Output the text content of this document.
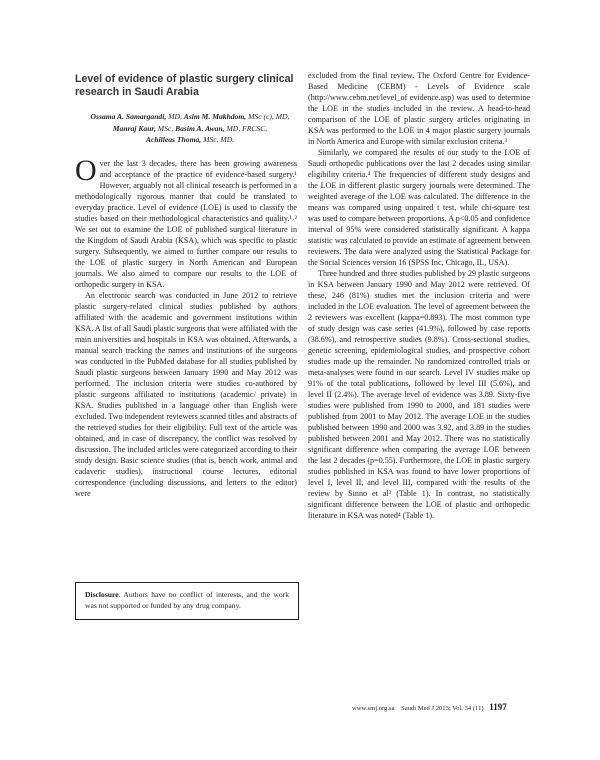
Level of evidence of plastic surgery clinical research in Saudi Arabia
Ossama A. Samargandi, MD, Asim M. Makhdom, MSc (c), MD,
Manraj Kaur, MSc, Basim A. Awan, MD, FRCSC,
Achilleas Thoma, MSc, MD.

Over the last 3 decades, there has been growing awareness and acceptance of the practice of evidence-based surgery.¹ However, arguably not all clinical research is performed in a methodologically rigorous manner that could be translated to everyday practice. Level of evidence (LOE) is used to classify the studies based on their methodological characteristics and quality.¹˒² We set out to examine the LOE of published surgical literature in the Kingdom of Saudi Arabia (KSA), which was specific to plastic surgery. Subsequently, we aimed to further compare our results to the LOE of plastic surgery in North American and European journals. We also aimed to compare our results to the LOE of orthopedic surgery in KSA.

An electronic search was conducted in June 2012 to retrieve plastic surgery-related clinical studies published by authors affiliated with the academic and government institutions within KSA. A list of all Saudi plastic surgeons that were affiliated with the main universities and hospitals in KSA was obtained. Afterwards, a manual search tracking the names and institutions of the surgeons was conducted in the PubMed database for all studies published by Saudi plastic surgeons between January 1990 and May 2012 was performed. The inclusion criteria were studies co-authored by plastic surgeons affiliated to institutions (academic/ private) in KSA. Studies published in a language other than English were excluded. Two independent reviewers scanned titles and abstracts of the retrieved studies for their eligibility. Full text of the article was obtained, and in case of discrepancy, the conflict was resolved by discussion. The included articles were categorized according to their study design. Basic science studies (that is, bench work, animal and cadaveric studies), instructional course lectures, editorial correspondence (including discussions, and letters to the editor) were

excluded from the final review. The Oxford Centre for Evidence-Based Medicine (CEBM) - Levels of Evidence scale (http://www.cebm.net/level_of evidence.asp) was used to determine the LOE in the studies included in the review. A head-to-head comparison of the LOE of plastic surgery articles originating in KSA was performed to the LOE in 4 major plastic surgery journals in North America and Europe with similar exclusion criteria.³

Similarly, we compared the results of our study to the LOE of Saudi orthopedic publications over the last 2 decades using similar eligibility criteria.⁴ The frequencies of different study designs and the LOE in different plastic surgery journals were determined. The weighted average of the LOE was calculated. The difference in the means was compared using unpaired t test, while chi-square test was used to compare between proportions. A p<0.05 and confidence interval of 95% were considered statistically significant. A kappa statistic was calculated to provide an estimate of agreement between reviewers. The data were analyzed using the Statistical Package for the Social Sciences version 16 (SPSS Inc, Chicago, IL, USA).

Three hundred and three studies published by 29 plastic surgeons in KSA between January 1990 and May 2012 were retrieved. Of these, 246 (81%) studies met the inclusion criteria and were included in the LOE evaluation. The level of agreement between the 2 reviewers was excellent (kappa=0.893). The most common type of study design was case series (41.9%), followed by case reports (38.6%), and retrospective studies (9.8%). Cross-sectional studies, genetic screening, epidemiological studies, and prospective cohort studies made up the remainder. No randomized controlled trials or meta-analyses were found in our search. Level IV studies make up 91% of the total publications, followed by level III (5.6%), and level II (2.4%). The average level of evidence was 3.89. Sixty-five studies were published from 1990 to 2000, and 181 studies were published from 2001 to May 2012. The average LOE in the studies published between 1990 and 2000 was 3.92, and 3.89 in the studies published between 2001 and May 2012. There was no statistically significant difference when comparing the average LOE between the last 2 decades (p=0.55). Furthermore, the LOE in plastic surgery studies published in KSA was found to have lower proportions of level I, level II, and level III, compared with the results of the review by Sinno et al³ (Table 1). In contrast, no statistically significant difference between the LOE of plastic and orthopedic literature in KSA was noted⁴ (Table 1).

Disclosure. Authors have no conflict of interests, and the work was not supported or funded by any drug company.
www.smj.org.sa Saudi Med J 2013; Vol. 34 (11) 1197
